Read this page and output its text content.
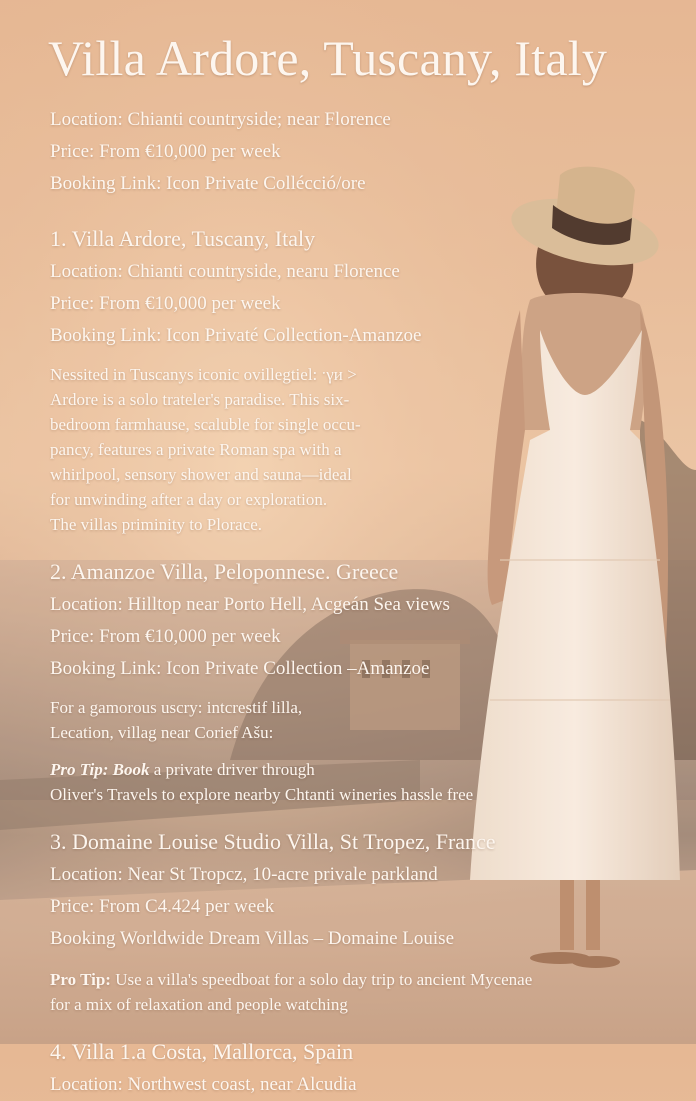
Villa Ardore, Tuscany, Italy
Location: Chianti countryside; near Florence
Price: From €10,000 per week
Booking Link: Icon Private Collécció/ore
1. Villa Ardore, Tuscany, Italy
Location: Chianti countryside, nearu Florence
Price: From €10,000 per week
Booking Link: Icon Privaté Collection-Amanzoe
Nessited in Tuscanys iconic ovillegtiel: ˑγи >
Ardore is a solo trateler's paradise. This six-
bedroom farmhause, scaluble for single occu-
pancy, features a private Roman spa with a
whirlpool, sensory shower and sauna—ideal
for unwinding after a day or exploration.
The villas priminity to Plorace.
2. Amanzoe Villa, Peloponnese. Greece
Location: Hilltop near Porto Hell, Acgeán Sea views
Price: From €10,000 per week
Booking Link: Icon Private Collection –Amanzoe
For a gamorous uscry: intcrestif lilla,
Lecation, villag near Corief Ašu:
Pro Tip: Book a private driver through
Oliver's Travels to explore nearby Chtanti wineries hassle free
3. Domaine Louise Studio Villa, St Tropez, France
Location: Near St Tropcz, 10-acre privale parkland
Price: From C4.424 per week
Booking Worldwide Dream Villas – Domaine Louise
Pro Tip: Use a villa's speedboat for a solo day trip to ancient Mycenae
for a mix of relaxation and people watching
4. Villa 1.a Costa, Mallorca, Spain
Location: Northwest coast, near Alcudia
